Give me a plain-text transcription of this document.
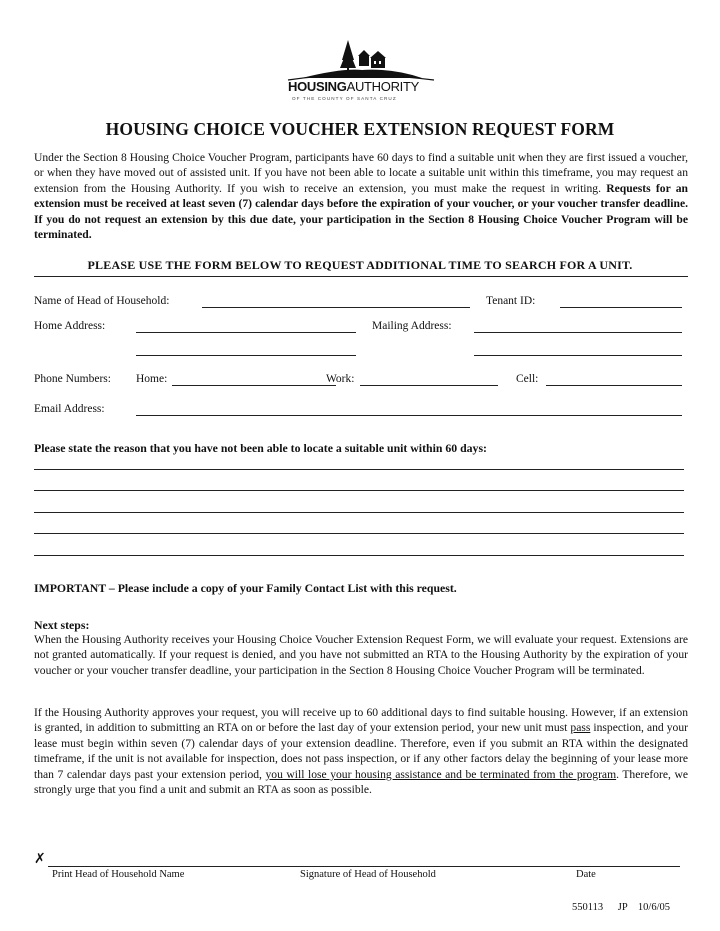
HOUSINGAUTHORITY
OF THE COUNTY OF SANTA CRUZ
HOUSING CHOICE VOUCHER EXTENSION REQUEST FORM
Under the Section 8 Housing Choice Voucher Program, participants have 60 days to find a suitable unit when they are first issued a voucher, or when they have moved out of assisted unit. If you have not been able to locate a suitable unit within this timeframe, you may request an extension from the Housing Authority. If you wish to receive an extension, you must make the request in writing. Requests for an extension must be received at least seven (7) calendar days before the expiration of your voucher, or your voucher transfer deadline. If you do not request an extension by this due date, your participation in the Section 8 Housing Choice Voucher Program will be terminated.
PLEASE USE THE FORM BELOW TO REQUEST ADDITIONAL TIME TO SEARCH FOR A UNIT.
Name of Head of Household:	Tenant ID:
Home Address:	Mailing Address:
Phone Numbers: Home:	Work:	Cell:
Email Address:
Please state the reason that you have not been able to locate a suitable unit within 60 days:
IMPORTANT – Please include a copy of your Family Contact List with this request.
Next steps:
When the Housing Authority receives your Housing Choice Voucher Extension Request Form, we will evaluate your request. Extensions are not granted automatically. If your request is denied, and you have not submitted an RTA to the Housing Authority by the expiration of your voucher or your voucher transfer deadline, your participation in the Section 8 Housing Choice Voucher Program will be terminated.
If the Housing Authority approves your request, you will receive up to 60 additional days to find suitable housing. However, if an extension is granted, in addition to submitting an RTA on or before the last day of your extension period, your new unit must pass inspection, and your lease must begin within seven (7) calendar days of your extension deadline. Therefore, even if you submit an RTA within the designated timeframe, if the unit is not available for inspection, does not pass inspection, or if any other factors delay the beginning of your lease more than 7 calendar days past your extension period, you will lose your housing assistance and be terminated from the program. Therefore, we strongly urge that you find a unit and submit an RTA as soon as possible.
✗
Print Head of Household Name	Signature of Head of Household	Date
550113 JP 10/6/05
